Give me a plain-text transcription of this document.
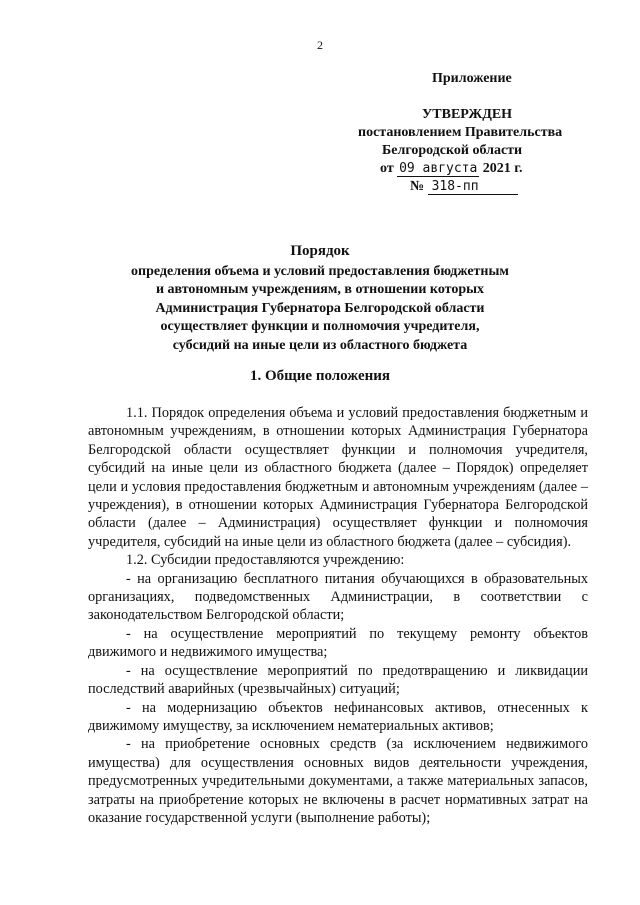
2
Приложение
УТВЕРЖДЕН
постановлением Правительства
Белгородской области
от 09 августа 2021 г.
№ 318-пп
Порядок
определения объема и условий предоставления бюджетным
и автономным учреждениям, в отношении которых
Администрация Губернатора Белгородской области
осуществляет функции и полномочия учредителя,
субсидий на иные цели из областного бюджета
1. Общие положения

1.1. Порядок определения объема и условий предоставления бюджетным и автономным учреждениям, в отношении которых Администрация Губернатора Белгородской области осуществляет функции и полномочия учредителя, субсидий на иные цели из областного бюджета (далее – Порядок) определяет цели и условия предоставления бюджетным и автономным учреждениям (далее – учреждения), в отношении которых Администрация Губернатора Белгородской области (далее – Администрация) осуществляет функции и полномочия учредителя, субсидий на иные цели из областного бюджета (далее – субсидия).

1.2. Субсидии предоставляются учреждению:

- на организацию бесплатного питания обучающихся в образовательных организациях, подведомственных Администрации, в соответствии с законодательством Белгородской области;

- на осуществление мероприятий по текущему ремонту объектов движимого и недвижимого имущества;

- на осуществление мероприятий по предотвращению и ликвидации последствий аварийных (чрезвычайных) ситуаций;

- на модернизацию объектов нефинансовых активов, отнесенных к движимому имуществу, за исключением нематериальных активов;

- на приобретение основных средств (за исключением недвижимого имущества) для осуществления основных видов деятельности учреждения, предусмотренных учредительными документами, а также материальных запасов, затраты на приобретение которых не включены в расчет нормативных затрат на оказание государственной услуги (выполнение работы);
